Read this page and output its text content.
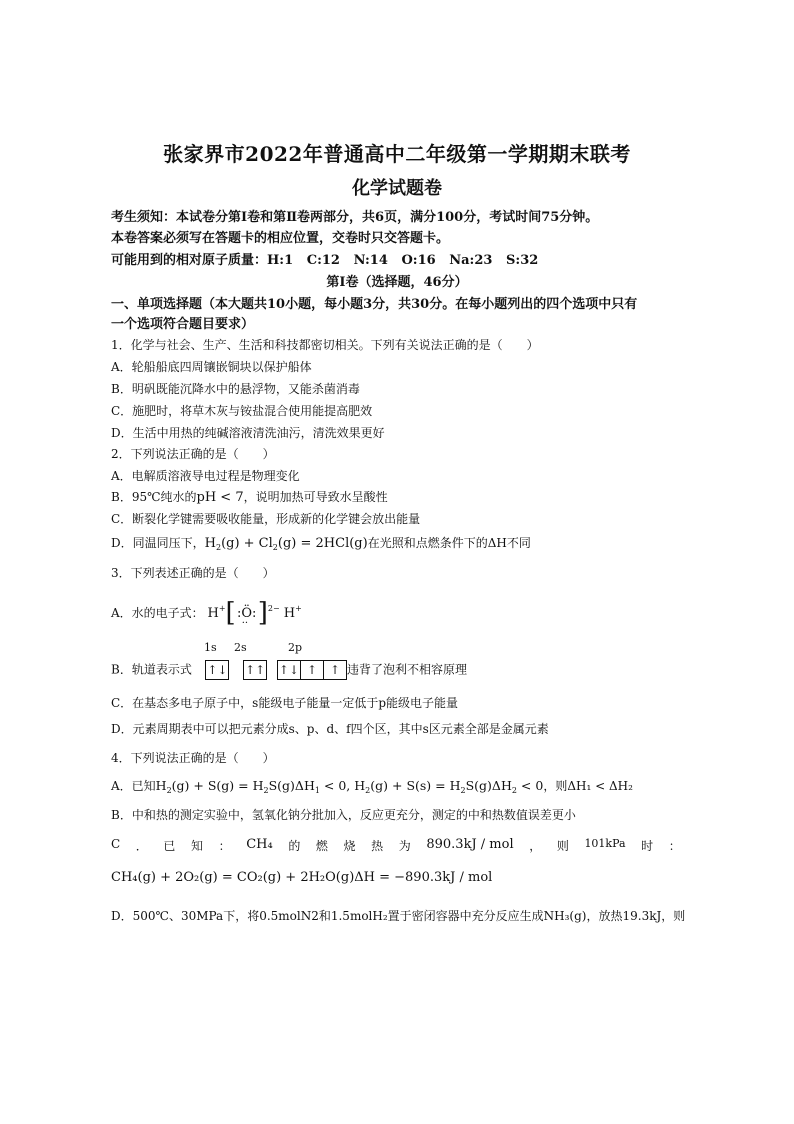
张家界市2022年普通高中二年级第一学期期末联考
化学试题卷
考生须知：本试卷分第Ⅰ卷和第Ⅱ卷两部分，共6页，满分100分，考试时间75分钟。
本卷答案必须写在答题卡的相应位置，交卷时只交答题卡。
可能用到的相对原子质量：H:1 C:12 N:14 O:16 Na:23 S:32
第Ⅰ卷（选择题，46分）
一、单项选择题（本大题共10小题，每小题3分，共30分。在每小题列出的四个选项中只有
一个选项符合题目要求）
1．化学与社会、生产、生活和科技都密切相关。下列有关说法正确的是（　　）
A．轮船船底四周镶嵌铜块以保护船体
B．明矾既能沉降水中的悬浮物，又能杀菌消毒
C．施肥时，将草木灰与铵盐混合使用能提高肥效
D．生活中用热的纯碱溶液清洗油污，清洗效果更好
2．下列说法正确的是（　　）
A．电解质溶液导电过程是物理变化
B．95℃纯水的pH < 7，说明加热可导致水呈酸性
C．断裂化学键需要吸收能量，形成新的化学键会放出能量
D．同温同压下，$H_2(g) + Cl_2(g) = 2HCl(g)$在光照和点燃条件下的ΔH不同
3．下列表述正确的是（　　）
A．水的电子式： H+[:Ö:
·· ]$^{2-}$ H+
1s 2s	2p
B．轨道表示式 ↑↓ ↑↑ ↑↓ ↑ ↑ 违背了泡利不相容原理
C．在基态多电子原子中，s能级电子能量一定低于p能级电子能量
D．元素周期表中可以把元素分成s、p、d、f四个区，其中s区元素全部是金属元素
4．下列说法正确的是（　　）
A．已知$H_2(g) + S(g) = H_2S(g)\Delta H_1 < 0$, $H_2(g) + S(s) = H_2S(g)\Delta H_2 < 0$，则ΔH₁ < ΔH₂
B．中和热的测定实验中，氢氧化钠分批加入，反应更充分，测定的中和热数值误差更小
C ． 已 知 ： CH₄ 的 燃 烧 热 为 890.3kJ / mol ， 则 101kPa 时 ：
CH₄(g) + 2O₂(g) = CO₂(g) + 2H₂O(g)ΔH = −890.3kJ / mol
D．500℃、30MPa下，将0.5molN2和1.5molH₂置于密闭容器中充分反应生成NH₃(g)，放热19.3kJ，则
